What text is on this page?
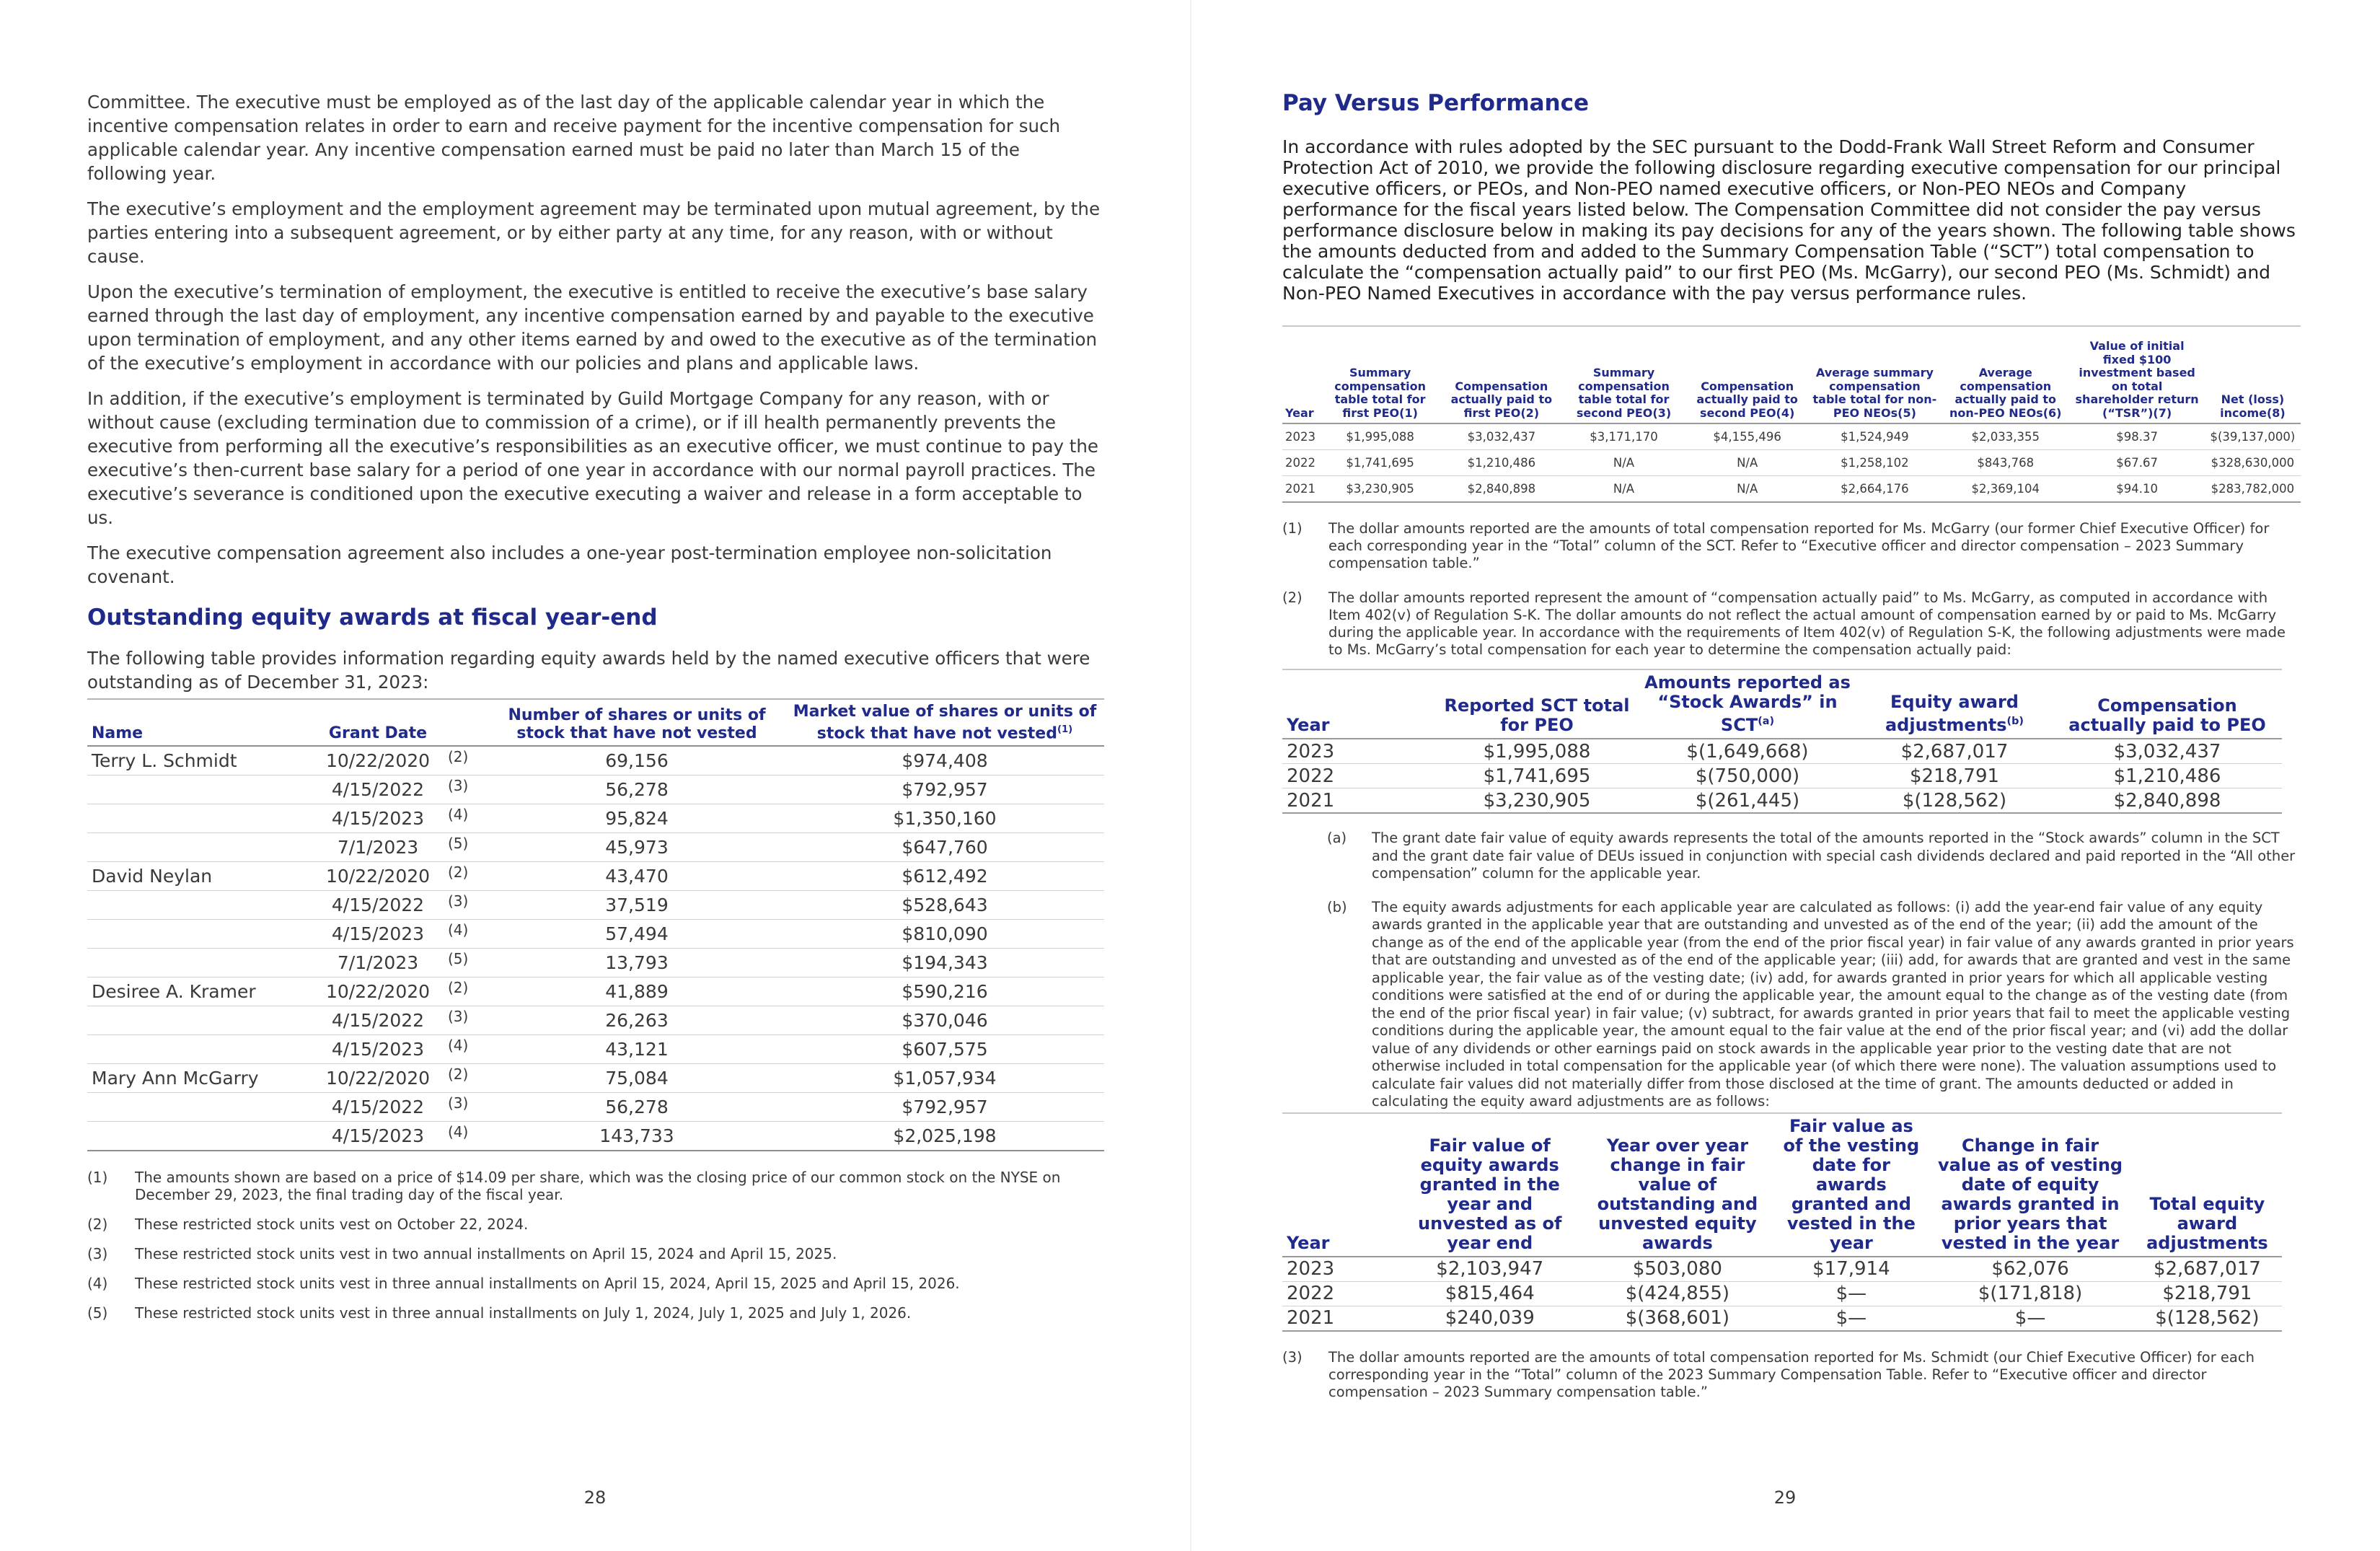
Committee. The executive must be employed as of the last day of the applicable calendar year in which the incentive compensation relates in order to earn and receive payment for the incentive compensation for such applicable calendar year. Any incentive compensation earned must be paid no later than March 15 of the following year.

The executive’s employment and the employment agreement may be terminated upon mutual agreement, by the parties entering into a subsequent agreement, or by either party at any time, for any reason, with or without cause.

Upon the executive’s termination of employment, the executive is entitled to receive the executive’s base salary earned through the last day of employment, any incentive compensation earned by and payable to the executive upon termination of employment, and any other items earned by and owed to the executive as of the termination of the executive’s employment in accordance with our policies and plans and applicable laws.

In addition, if the executive’s employment is terminated by Guild Mortgage Company for any reason, with or without cause (excluding termination due to commission of a crime), or if ill health permanently prevents the executive from performing all the executive’s responsibilities as an executive officer, we must continue to pay the executive’s then-current base salary for a period of one year in accordance with our normal payroll practices. The executive’s severance is conditioned upon the executive executing a waiver and release in a form acceptable to us.

The executive compensation agreement also includes a one-year post-termination employee non-solicitation covenant.

Outstanding equity awards at fiscal year-end

The following table provides information regarding equity awards held by the named executive officers that were outstanding as of December 31, 2023:

Name	Grant Date		Number of shares or units of stock that have not vested	Market value of shares or units of stock that have not vested$^{(1)}$
Terry L. Schmidt	10/22/2020	(2)	69,156	$974,408
	4/15/2022	(3)	56,278	$792,957
	4/15/2023	(4)	95,824	$1,350,160
	7/1/2023	(5)	45,973	$647,760
David Neylan	10/22/2020	(2)	43,470	$612,492
	4/15/2022	(3)	37,519	$528,643
	4/15/2023	(4)	57,494	$810,090
	7/1/2023	(5)	13,793	$194,343
Desiree A. Kramer	10/22/2020	(2)	41,889	$590,216
	4/15/2022	(3)	26,263	$370,046
	4/15/2023	(4)	43,121	$607,575
Mary Ann McGarry	10/22/2020	(2)	75,084	$1,057,934
	4/15/2022	(3)	56,278	$792,957
	4/15/2023	(4)	143,733	$2,025,198
(1)	The amounts shown are based on a price of $14.09 per share, which was the closing price of our common stock on the NYSE on December 29, 2023, the final trading day of the fiscal year.
(2)	These restricted stock units vest on October 22, 2024.
(3)	These restricted stock units vest in two annual installments on April 15, 2024 and April 15, 2025.
(4)	These restricted stock units vest in three annual installments on April 15, 2024, April 15, 2025 and April 15, 2026.
(5)	These restricted stock units vest in three annual installments on July 1, 2024, July 1, 2025 and July 1, 2026.
28
Pay Versus Performance

In accordance with rules adopted by the SEC pursuant to the Dodd-Frank Wall Street Reform and Consumer Protection Act of 2010, we provide the following disclosure regarding executive compensation for our principal executive officers, or PEOs, and Non-PEO named executive officers, or Non-PEO NEOs and Company performance for the fiscal years listed below. The Compensation Committee did not consider the pay versus performance disclosure below in making its pay decisions for any of the years shown. The following table shows the amounts deducted from and added to the Summary Compensation Table (“SCT”) total compensation to calculate the “compensation actually paid” to our first PEO (Ms. McGarry), our second PEO (Ms. Schmidt) and Non-PEO Named Executives in accordance with the pay versus performance rules.

Year	Summary compensation table total for first PEO(1)	Compensation actually paid to first PEO(2)	Summary compensation table total for second PEO(3)	Compensation actually paid to second PEO(4)	Average summary compensation table total for non-PEO NEOs(5)	Average compensation actually paid to non-PEO NEOs(6)	Value of initial fixed $100 investment based on total shareholder return (“TSR”)(7)	Net (loss) income(8)
2023	$1,995,088	$3,032,437	$3,171,170	$4,155,496	$1,524,949	$2,033,355	$98.37	$(39,137,000)
2022	$1,741,695	$1,210,486	N/A	N/A	$1,258,102	$843,768	$67.67	$328,630,000
2021	$3,230,905	$2,840,898	N/A	N/A	$2,664,176	$2,369,104	$94.10	$283,782,000
(1)	The dollar amounts reported are the amounts of total compensation reported for Ms. McGarry (our former Chief Executive Officer) for each corresponding year in the “Total” column of the SCT. Refer to “Executive officer and director compensation – 2023 Summary compensation table.”
(2)	The dollar amounts reported represent the amount of “compensation actually paid” to Ms. McGarry, as computed in accordance with Item 402(v) of Regulation S-K. The dollar amounts do not reflect the actual amount of compensation earned by or paid to Ms. McGarry during the applicable year. In accordance with the requirements of Item 402(v) of Regulation S-K, the following adjustments were made to Ms. McGarry’s total compensation for each year to determine the compensation actually paid:
Year	Reported SCT total for PEO	Amounts reported as “Stock Awards” in SCT$^{(a)}$	Equity award adjustments$^{(b)}$	Compensation actually paid to PEO
2023	$1,995,088	$(1,649,668)	$2,687,017	$3,032,437
2022	$1,741,695	$(750,000)	$218,791	$1,210,486
2021	$3,230,905	$(261,445)	$(128,562)	$2,840,898
(a)	The grant date fair value of equity awards represents the total of the amounts reported in the “Stock awards” column in the SCT and the grant date fair value of DEUs issued in conjunction with special cash dividends declared and paid reported in the “All other compensation” column for the applicable year.
(b)	The equity awards adjustments for each applicable year are calculated as follows: (i) add the year-end fair value of any equity awards granted in the applicable year that are outstanding and unvested as of the end of the year; (ii) add the amount of the change as of the end of the applicable year (from the end of the prior fiscal year) in fair value of any awards granted in prior years that are outstanding and unvested as of the end of the applicable year; (iii) add, for awards that are granted and vest in the same applicable year, the fair value as of the vesting date; (iv) add, for awards granted in prior years for which all applicable vesting conditions were satisfied at the end of or during the applicable year, the amount equal to the change as of the vesting date (from the end of the prior fiscal year) in fair value; (v) subtract, for awards granted in prior years that fail to meet the applicable vesting conditions during the applicable year, the amount equal to the fair value at the end of the prior fiscal year; and (vi) add the dollar value of any dividends or other earnings paid on stock awards in the applicable year prior to the vesting date that are not otherwise included in total compensation for the applicable year (of which there were none). The valuation assumptions used to calculate fair values did not materially differ from those disclosed at the time of grant. The amounts deducted or added in calculating the equity award adjustments are as follows:
Year	Fair value of equity awards granted in the year and unvested as of year end	Year over year change in fair value of outstanding and unvested equity awards	Fair value as of the vesting date for awards granted and vested in the year	Change in fair value as of vesting date of equity awards granted in prior years that vested in the year	Total equity award adjustments
2023	$2,103,947	$503,080	$17,914	$62,076	$2,687,017
2022	$815,464	$(424,855)	$—	$(171,818)	$218,791
2021	$240,039	$(368,601)	$—	$—	$(128,562)
(3)	The dollar amounts reported are the amounts of total compensation reported for Ms. Schmidt (our Chief Executive Officer) for each corresponding year in the “Total” column of the 2023 Summary Compensation Table. Refer to “Executive officer and director compensation – 2023 Summary compensation table.”
29
